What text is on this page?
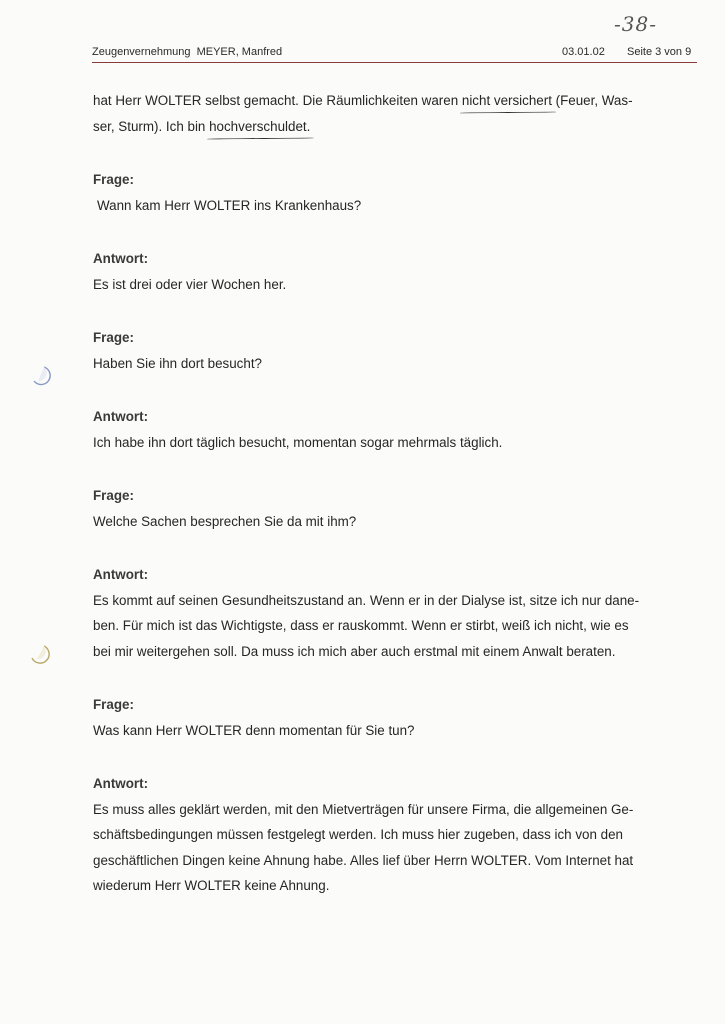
-38-
Zeugenvernehmung  MEYER, Manfred	03.01.02 Seite 3 von 9

hat Herr WOLTER selbst gemacht. Die Räumlichkeiten waren nicht versichert (Feuer, Was-
ser, Sturm). Ich bin hochverschuldet.

Frage:

Wann kam Herr WOLTER ins Krankenhaus?

Antwort:

Es ist drei oder vier Wochen her.

Frage:

Haben Sie ihn dort besucht?

Antwort:

Ich habe ihn dort täglich besucht, momentan sogar mehrmals täglich.

Frage:

Welche Sachen besprechen Sie da mit ihm?

Antwort:

Es kommt auf seinen Gesundheitszustand an. Wenn er in der Dialyse ist, sitze ich nur dane-

ben. Für mich ist das Wichtigste, dass er rauskommt. Wenn er stirbt, weiß ich nicht, wie es

bei mir weitergehen soll. Da muss ich mich aber auch erstmal mit einem Anwalt beraten.

Frage:

Was kann Herr WOLTER denn momentan für Sie tun?

Antwort:

Es muss alles geklärt werden, mit den Mietverträgen für unsere Firma, die allgemeinen Ge-

schäftsbedingungen müssen festgelegt werden. Ich muss hier zugeben, dass ich von den

geschäftlichen Dingen keine Ahnung habe. Alles lief über Herrn WOLTER. Vom Internet hat

wiederum Herr WOLTER keine Ahnung.
